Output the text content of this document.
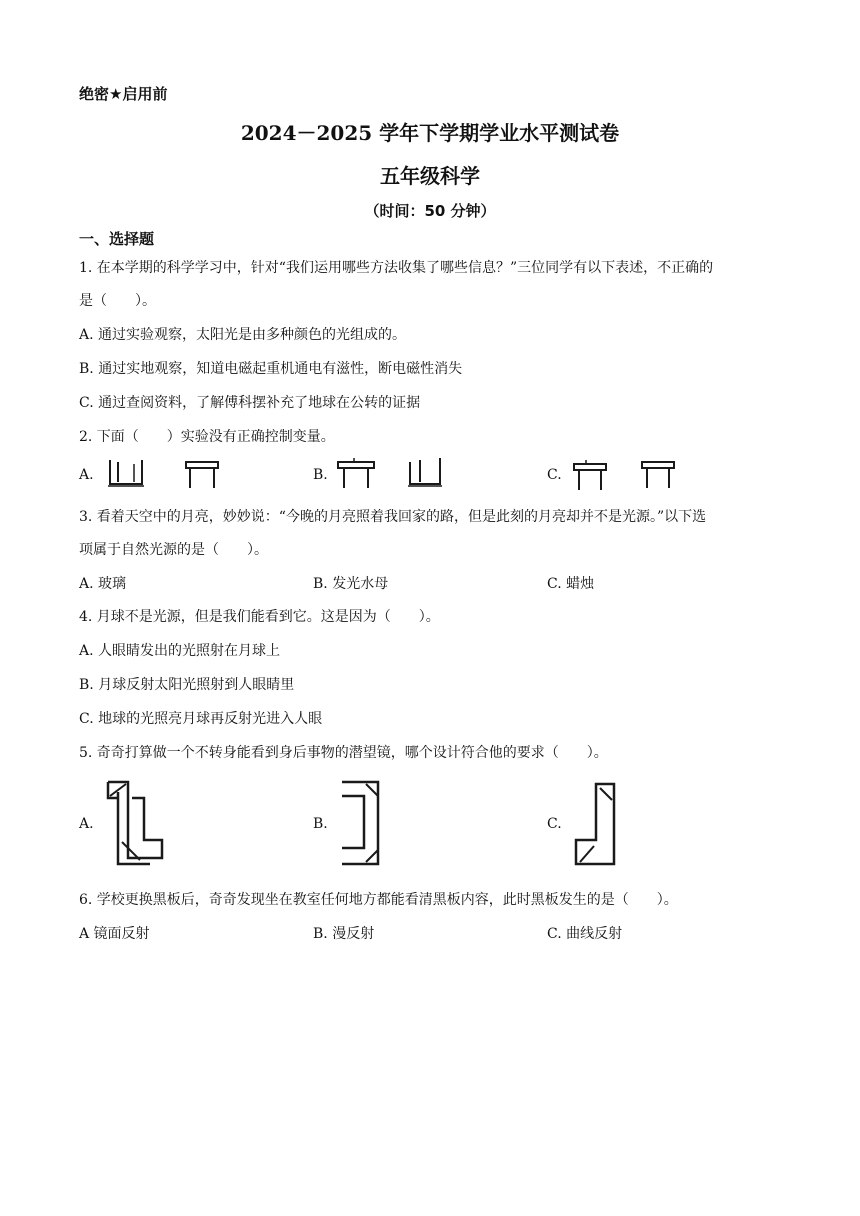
绝密★启用前
2024－2025 学年下学期学业水平测试卷
五年级科学
（时间：50 分钟）
一、选择题
1. 在本学期的科学学习中，针对“我们运用哪些方法收集了哪些信息？”三位同学有以下表述，不正确的
是（　　）。
A. 通过实验观察，太阳光是由多种颜色的光组成的。
B. 通过实地观察，知道电磁起重机通电有滋性，断电磁性消失
C. 通过查阅资料，了解傅科摆补充了地球在公转的证据
2. 下面（　　）实验没有正确控制变量。
A.	B.	C.
3. 看着天空中的月亮，妙妙说：“今晚的月亮照着我回家的路，但是此刻的月亮却并不是光源。”以下选
项属于自然光源的是（　　）。
A. 玻璃	B. 发光水母	C. 蜡烛
4. 月球不是光源，但是我们能看到它。这是因为（　　）。
A. 人眼睛发出的光照射在月球上
B. 月球反射太阳光照射到人眼睛里
C. 地球的光照亮月球再反射光进入人眼
5. 奇奇打算做一个不转身能看到身后事物的潜望镜，哪个设计符合他的要求（　　）。
A.	B.	C.
6. 学校更换黑板后，奇奇发现坐在教室任何地方都能看清黑板内容，此时黑板发生的是（　　）。
A 镜面反射	B. 漫反射	C. 曲线反射
